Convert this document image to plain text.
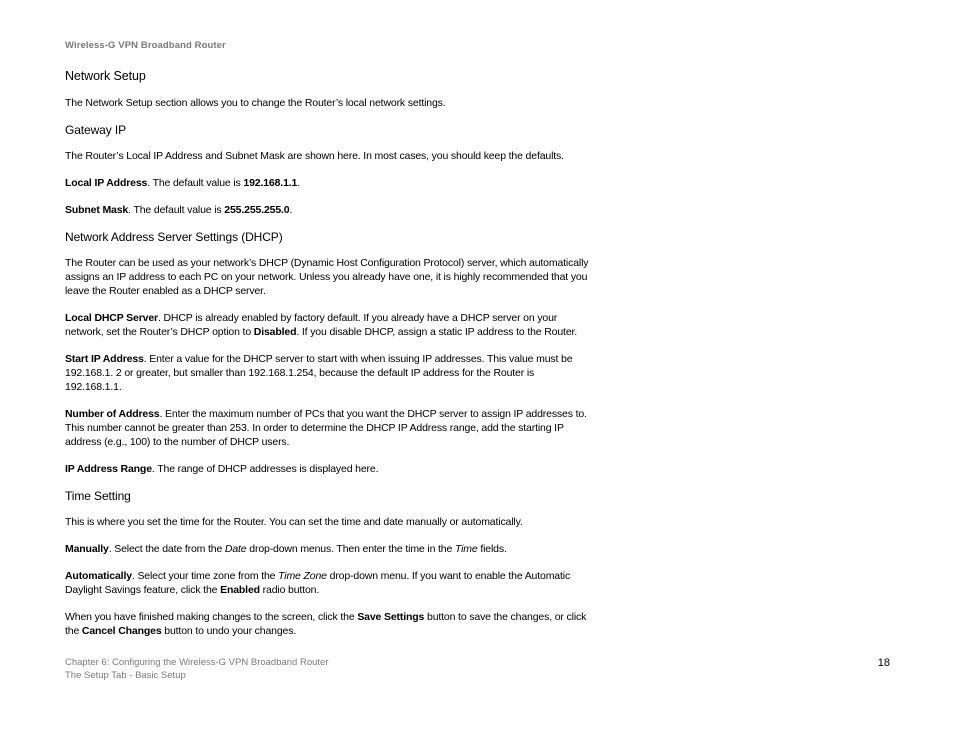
Wireless-G VPN Broadband Router
Network Setup

The Network Setup section allows you to change the Router’s local network settings.

Gateway IP

The Router’s Local IP Address and Subnet Mask are shown here. In most cases, you should keep the defaults.

Local IP Address. The default value is 192.168.1.1.

Subnet Mask. The default value is 255.255.255.0.

Network Address Server Settings (DHCP)

The Router can be used as your network’s DHCP (Dynamic Host Configuration Protocol) server, which automatically assigns an IP address to each PC on your network. Unless you already have one, it is highly recommended that you leave the Router enabled as a DHCP server.

Local DHCP Server. DHCP is already enabled by factory default. If you already have a DHCP server on your network, set the Router’s DHCP option to Disabled. If you disable DHCP, assign a static IP address to the Router.

Start IP Address. Enter a value for the DHCP server to start with when issuing IP addresses. This value must be 192.168.1. 2 or greater, but smaller than 192.168.1.254, because the default IP address for the Router is 192.168.1.1.

Number of Address. Enter the maximum number of PCs that you want the DHCP server to assign IP addresses to. This number cannot be greater than 253. In order to determine the DHCP IP Address range, add the starting IP address (e.g., 100) to the number of DHCP users.

IP Address Range. The range of DHCP addresses is displayed here.

Time Setting

This is where you set the time for the Router. You can set the time and date manually or automatically.

Manually. Select the date from the Date drop-down menus. Then enter the time in the Time fields.

Automatically. Select your time zone from the Time Zone drop-down menu. If you want to enable the Automatic Daylight Savings feature, click the Enabled radio button.

When you have finished making changes to the screen, click the Save Settings button to save the changes, or click the Cancel Changes button to undo your changes.

Chapter 6: Configuring the Wireless-G VPN Broadband Router
The Setup Tab - Basic Setup
18
